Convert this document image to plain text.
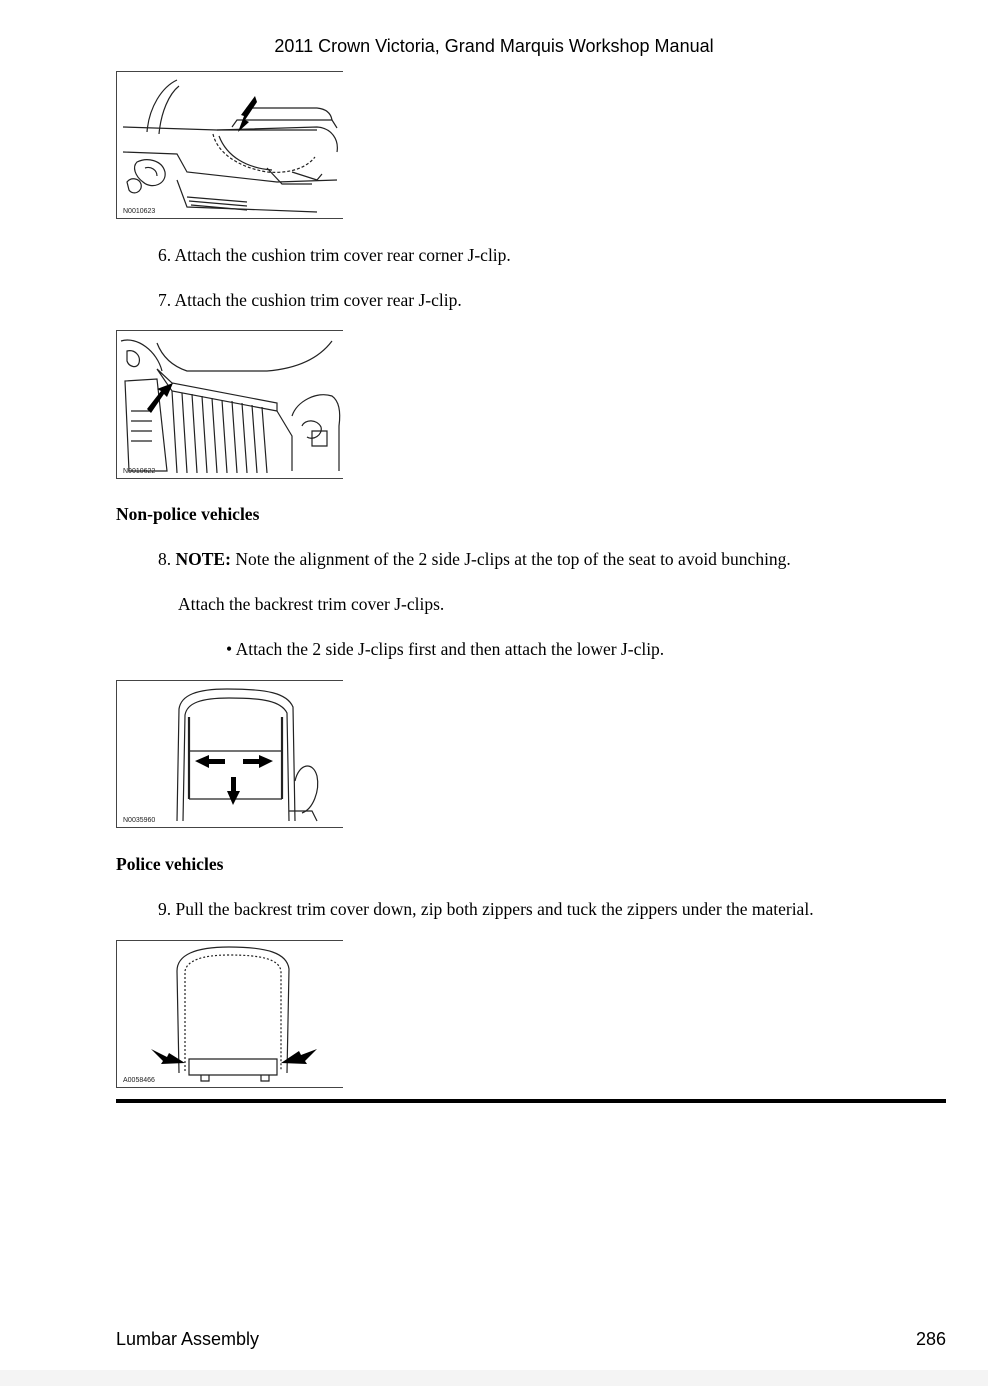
2011 Crown Victoria, Grand Marquis Workshop Manual
N0010623
6. Attach the cushion trim cover rear corner J-clip.
7. Attach the cushion trim cover rear J-clip.
N0010622
Non-police vehicles
8. NOTE: Note the alignment of the 2 side J-clips at the top of the seat to avoid bunching.
Attach the backrest trim cover J-clips.
• Attach the 2 side J-clips first and then attach the lower J-clip.
N0035960
Police vehicles
9. Pull the backrest trim cover down, zip both zippers and tuck the zippers under the material.
A0058466
Lumbar Assembly	286
